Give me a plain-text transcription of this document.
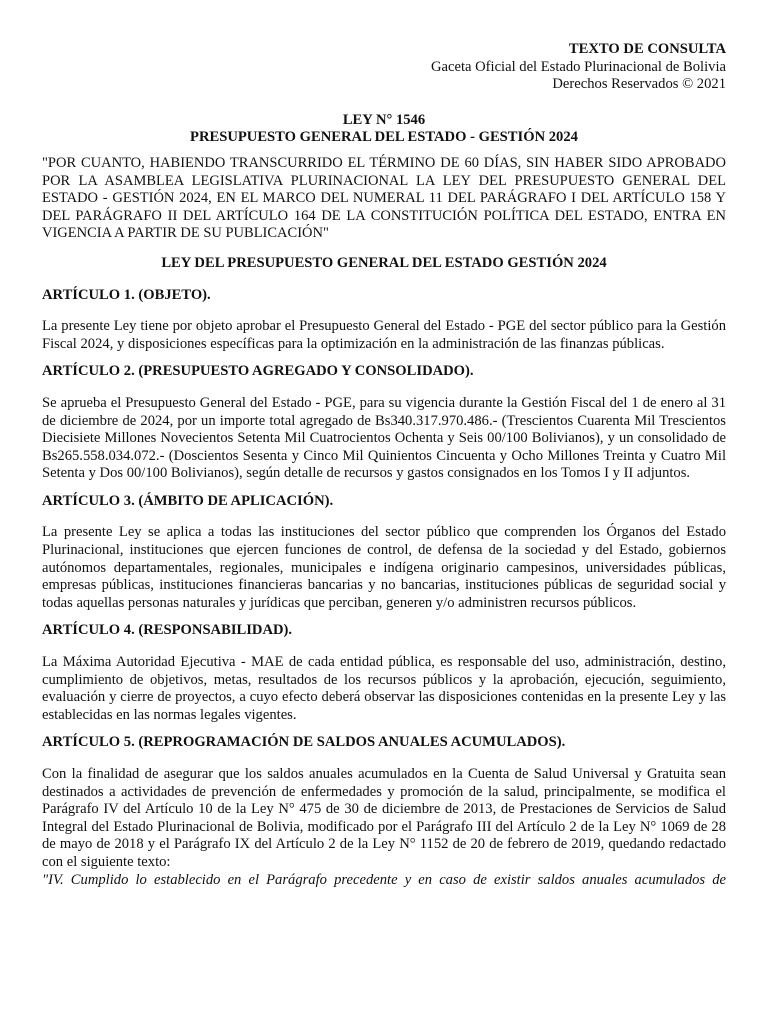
TEXTO DE CONSULTA
Gaceta Oficial del Estado Plurinacional de Bolivia
Derechos Reservados © 2021
LEY N° 1546
PRESUPUESTO GENERAL DEL ESTADO - GESTIÓN 2024
"POR CUANTO, HABIENDO TRANSCURRIDO EL TÉRMINO DE 60 DÍAS, SIN HABER SIDO APROBADO POR LA ASAMBLEA LEGISLATIVA PLURINACIONAL LA LEY DEL PRESUPUESTO GENERAL DEL ESTADO - GESTIÓN 2024, EN EL MARCO DEL NUMERAL 11 DEL PARÁGRAFO I DEL ARTÍCULO 158 Y DEL PARÁGRAFO II DEL ARTÍCULO 164 DE LA CONSTITUCIÓN POLÍTICA DEL ESTADO, ENTRA EN VIGENCIA A PARTIR DE SU PUBLICACIÓN"
LEY DEL PRESUPUESTO GENERAL DEL ESTADO GESTIÓN 2024
ARTÍCULO 1. (OBJETO).

La presente Ley tiene por objeto aprobar el Presupuesto General del Estado - PGE del sector público para la Gestión Fiscal 2024, y disposiciones específicas para la optimización en la administración de las finanzas públicas.

ARTÍCULO 2. (PRESUPUESTO AGREGADO Y CONSOLIDADO).

Se aprueba el Presupuesto General del Estado - PGE, para su vigencia durante la Gestión Fiscal del 1 de enero al 31 de diciembre de 2024, por un importe total agregado de Bs340.317.970.486.- (Trescientos Cuarenta Mil Trescientos Diecisiete Millones Novecientos Setenta Mil Cuatrocientos Ochenta y Seis 00/100 Bolivianos), y un consolidado de Bs265.558.034.072.- (Doscientos Sesenta y Cinco Mil Quinientos Cincuenta y Ocho Millones Treinta y Cuatro Mil Setenta y Dos 00/100 Bolivianos), según detalle de recursos y gastos consignados en los Tomos I y II adjuntos.

ARTÍCULO 3. (ÁMBITO DE APLICACIÓN).

La presente Ley se aplica a todas las instituciones del sector público que comprenden los Órganos del Estado Plurinacional, instituciones que ejercen funciones de control, de defensa de la sociedad y del Estado, gobiernos autónomos departamentales, regionales, municipales e indígena originario campesinos, universidades públicas, empresas públicas, instituciones financieras bancarias y no bancarias, instituciones públicas de seguridad social y todas aquellas personas naturales y jurídicas que perciban, generen y/o administren recursos públicos.

ARTÍCULO 4. (RESPONSABILIDAD).

La Máxima Autoridad Ejecutiva - MAE de cada entidad pública, es responsable del uso, administración, destino, cumplimiento de objetivos, metas, resultados de los recursos públicos y la aprobación, ejecución, seguimiento, evaluación y cierre de proyectos, a cuyo efecto deberá observar las disposiciones contenidas en la presente Ley y las establecidas en las normas legales vigentes.

ARTÍCULO 5. (REPROGRAMACIÓN DE SALDOS ANUALES ACUMULADOS).

Con la finalidad de asegurar que los saldos anuales acumulados en la Cuenta de Salud Universal y Gratuita sean destinados a actividades de prevención de enfermedades y promoción de la salud, principalmente, se modifica el Parágrafo IV del Artículo 10 de la Ley N° 475 de 30 de diciembre de 2013, de Prestaciones de Servicios de Salud Integral del Estado Plurinacional de Bolivia, modificado por el Parágrafo III del Artículo 2 de la Ley N° 1069 de 28 de mayo de 2018 y el Parágrafo IX del Artículo 2 de la Ley N° 1152 de 20 de febrero de 2019, quedando redactado con el siguiente texto:

"IV. Cumplido lo establecido en el Parágrafo precedente y en caso de existir saldos anuales acumulados de
